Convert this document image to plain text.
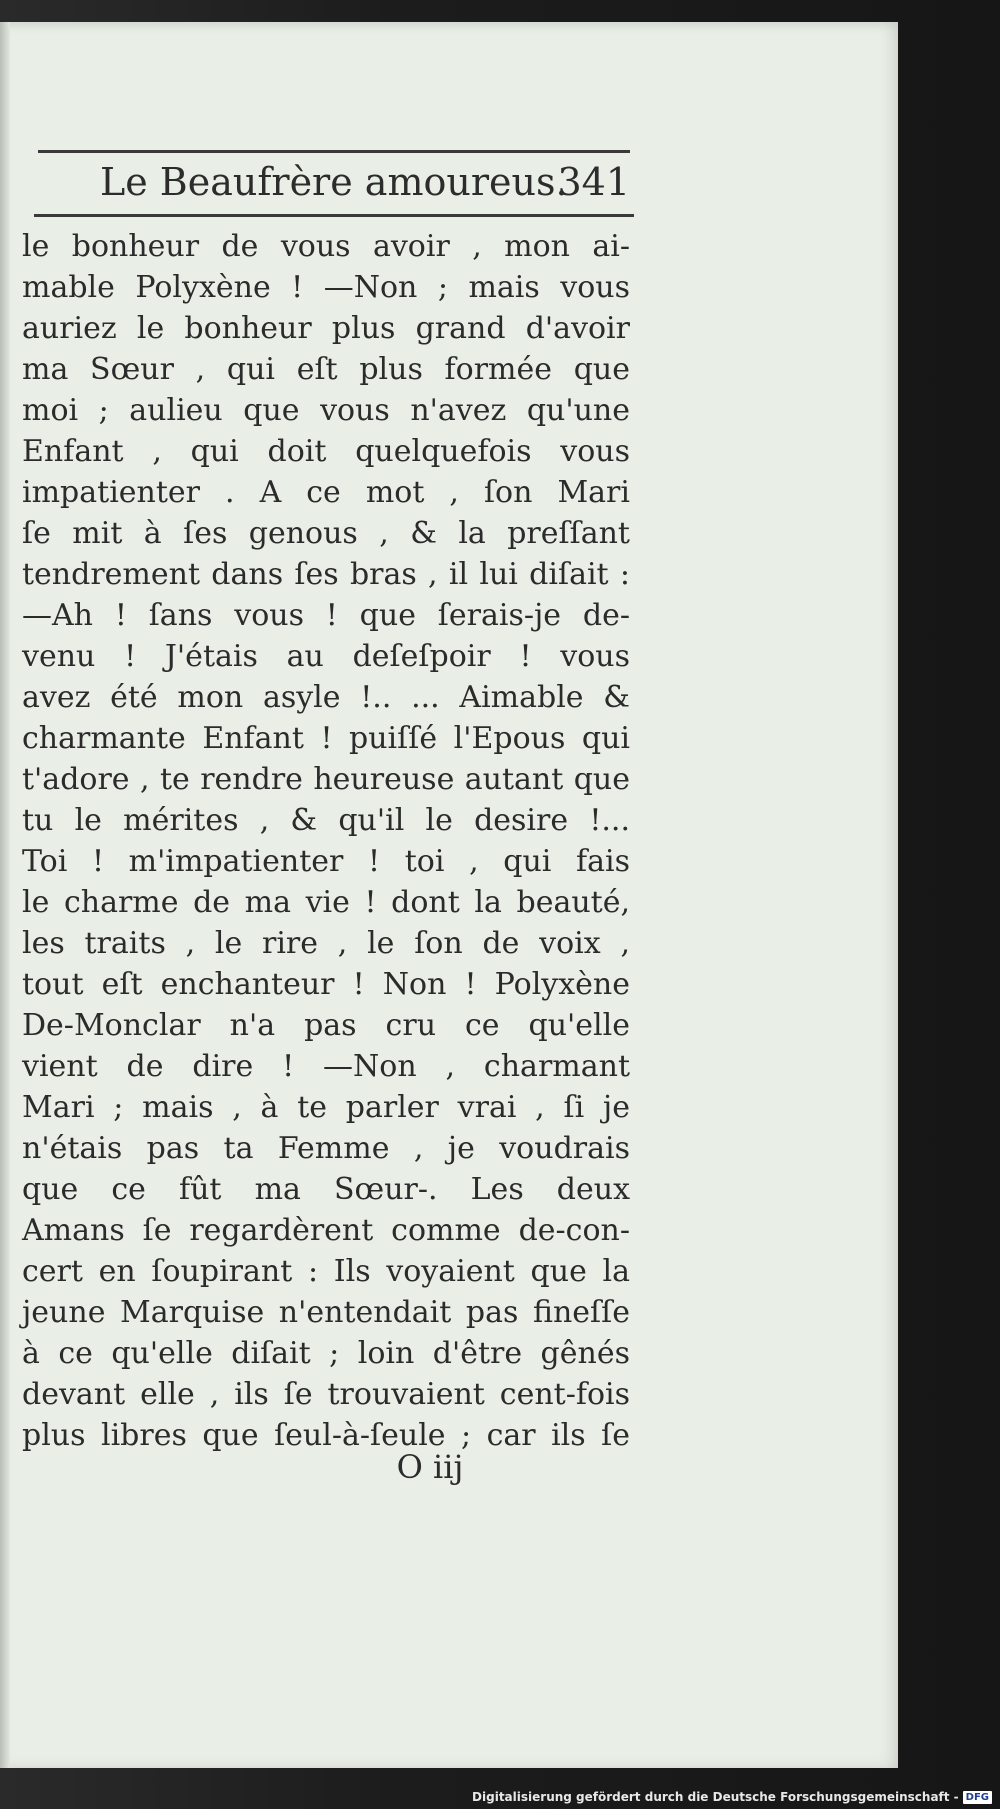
Le Beaufrère amoureus.
341
le bonheur de vous avoir , mon ai-
mable Polyxène ! —Non ; mais vous
auriez le bonheur plus grand d'avoir
ma Sœur , qui eſt plus formée que
moi ; aulieu que vous n'avez qu'une
Enfant , qui doit quelquefois vous
impatienter . A ce mot , ſon Mari
ſe mit à ſes genous , & la preſſant
tendrement dans ſes bras , il lui diſait :
—Ah ! ſans vous ! que ſerais-je de-
venu ! J'étais au deſeſpoir ! vous
avez été mon asyle !.. ... Aimable &
charmante Enfant ! puiſſé l'Epous qui
t'adore , te rendre heureuse autant que
tu le mérites , & qu'il le desire !...
Toi ! m'impatienter ! toi , qui fais
le charme de ma vie ! dont la beauté,
les traits , le rire , le ſon de voix ,
tout eſt enchanteur ! Non ! Polyxène
De-Monclar n'a pas cru ce qu'elle
vient de dire ! —Non , charmant
Mari ; mais , à te parler vrai , ſi je
n'étais pas ta Femme , je voudrais
que ce fût ma Sœur-. Les deux
Amans ſe regardèrent comme de-con-
cert en ſoupirant : Ils voyaient que la
jeune Marquise n'entendait pas fineſſe
à ce qu'elle diſait ; loin d'être gênés
devant elle , ils ſe trouvaient cent-fois
plus libres que ſeul-à-ſeule ; car ils ſe
O iij
Digitalisierung gefördert durch die Deutsche Forschungsgemeinschaft - DFG
